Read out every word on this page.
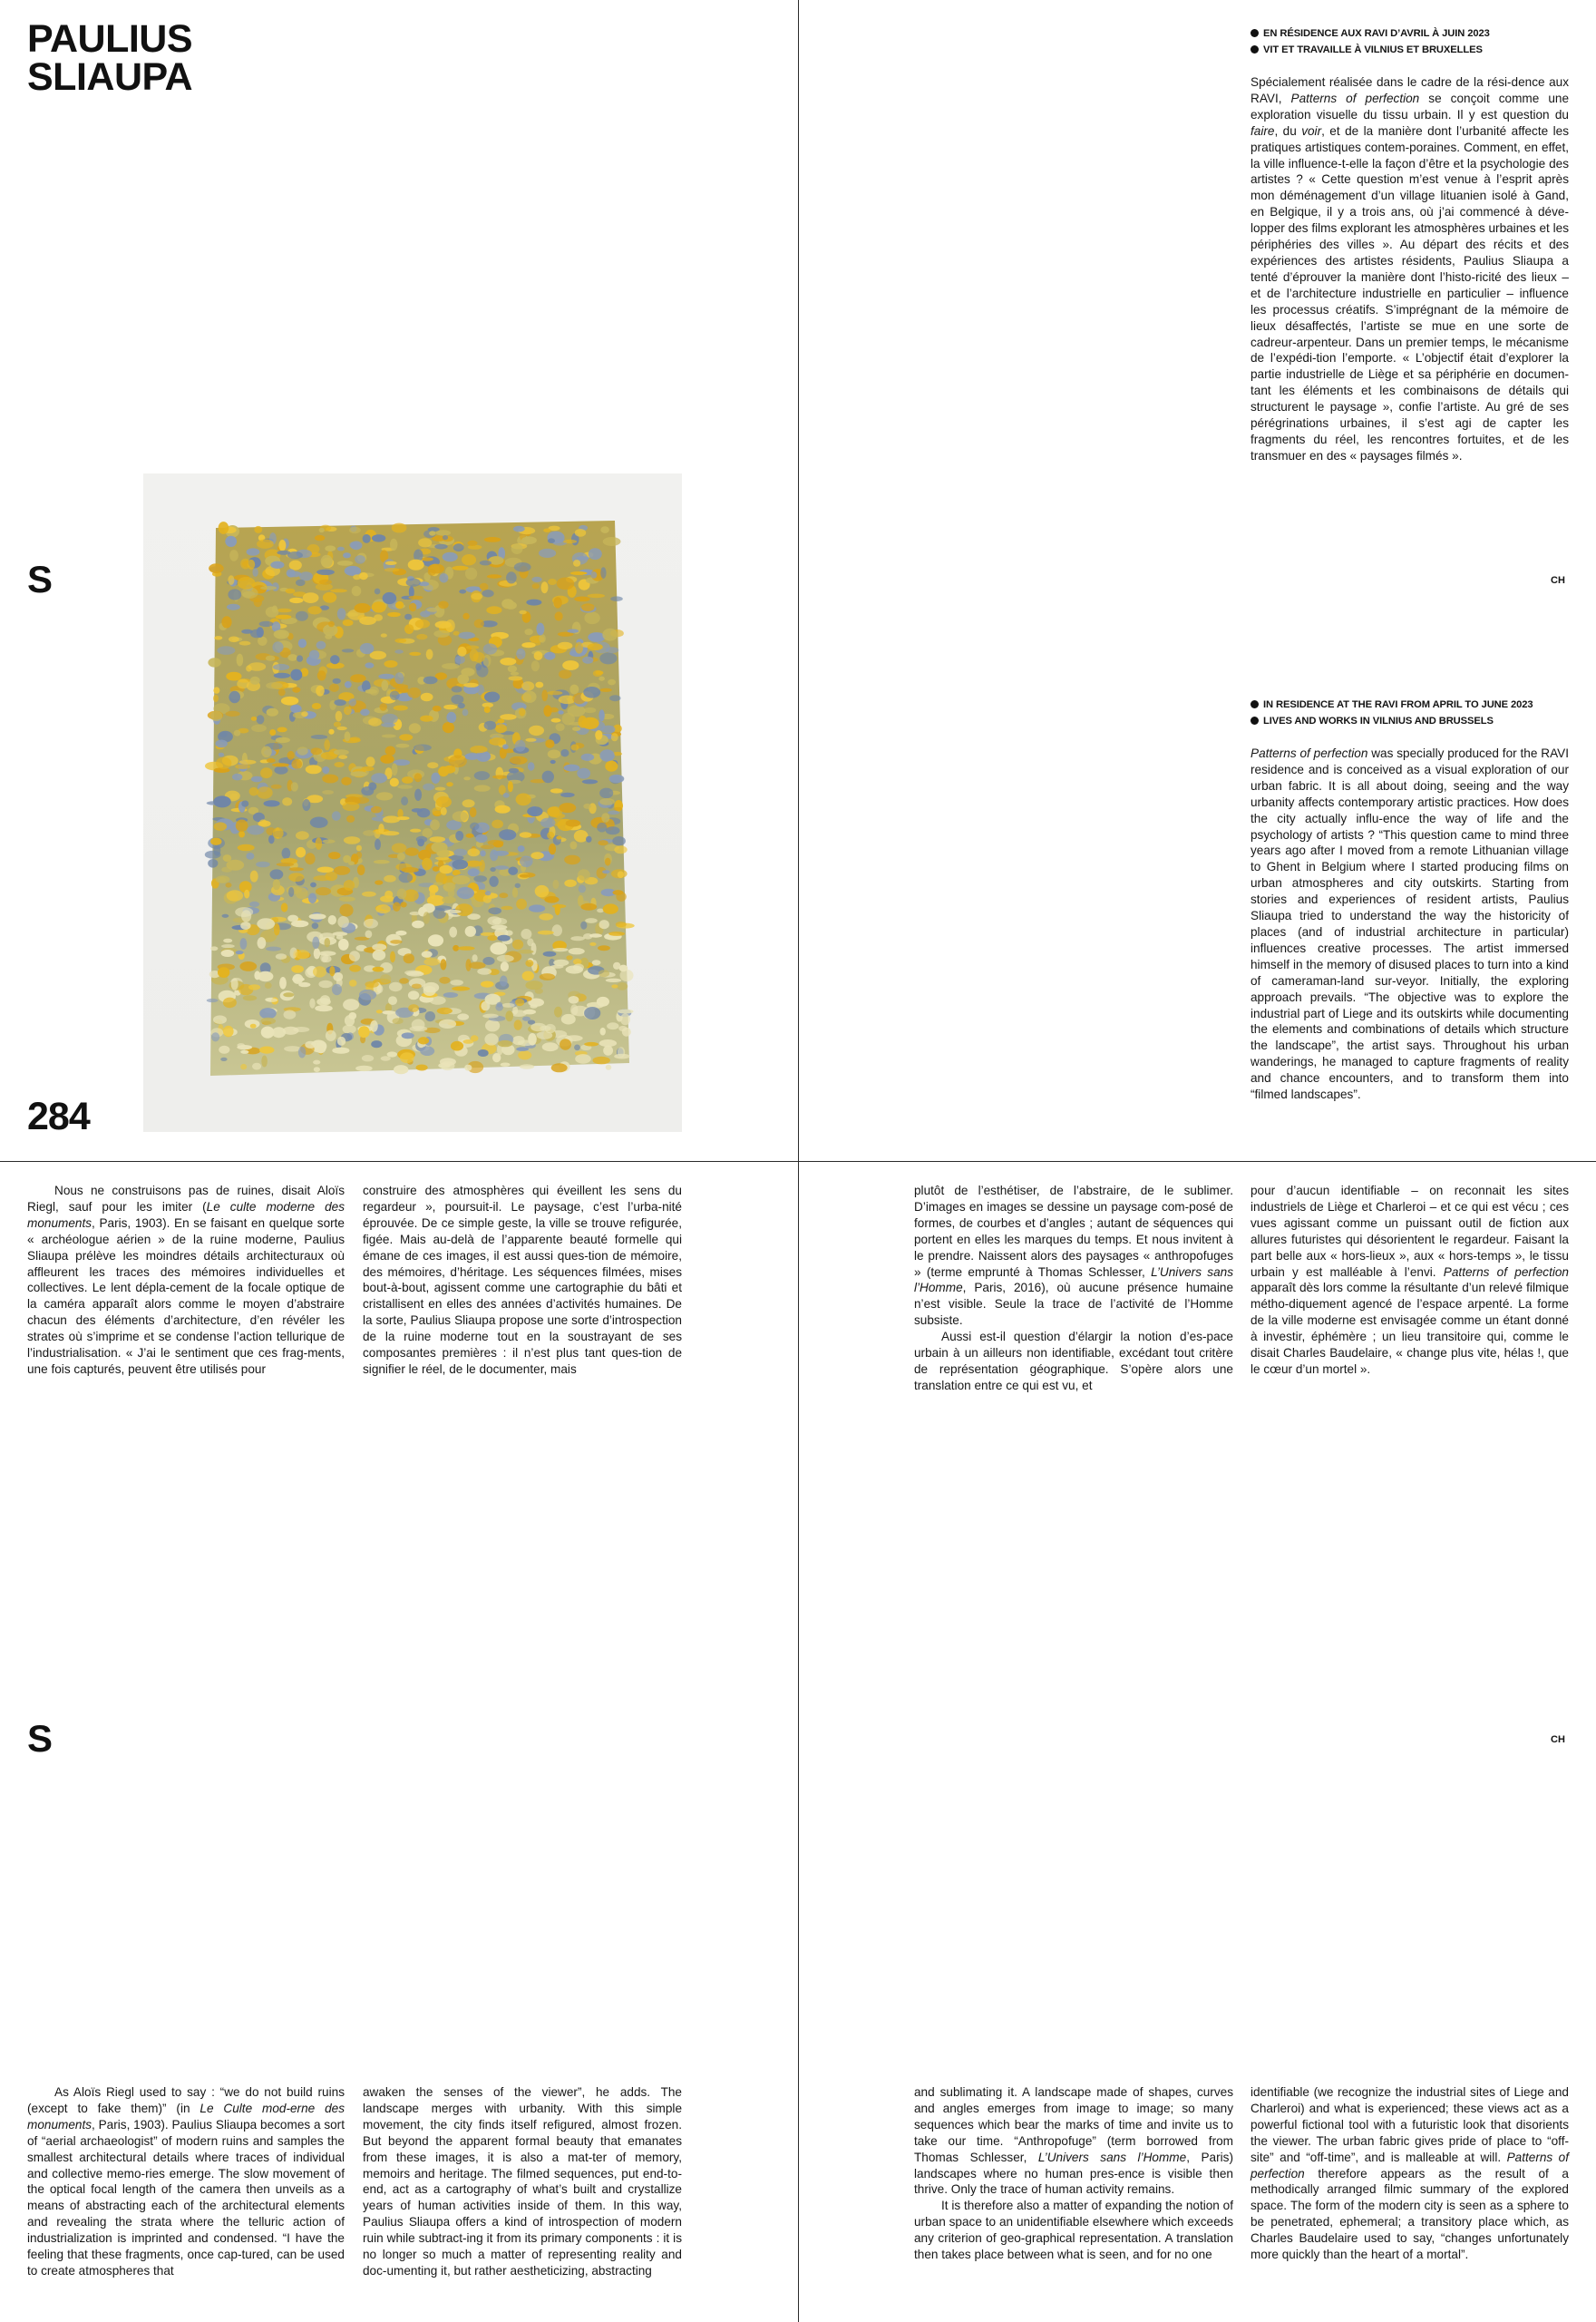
PAULIUS
SLIAUPA
S
S
284
CH
CH
EN RÉSIDENCE AUX RAVI D’AVRIL À JUIN 2023
VIT ET TRAVAILLE À VILNIUS ET BRUXELLES

Spécialement réalisée dans le cadre de la rési-dence aux RAVI, Patterns of perfection se conçoit comme une exploration visuelle du tissu urbain. Il y est question du faire, du voir, et de la manière dont l’urbanité affecte les pratiques artistiques contem-poraines. Comment, en effet, la ville influence-t-elle la façon d’être et la psychologie des artistes ? « Cette question m’est venue à l’esprit après mon déménagement d’un village lituanien isolé à Gand, en Belgique, il y a trois ans, où j’ai commencé à déve-lopper des films explorant les atmosphères urbaines et les périphéries des villes ». Au départ des récits et des expériences des artistes résidents, Paulius Sliaupa a tenté d’éprouver la manière dont l’histo-ricité des lieux – et de l’architecture industrielle en particulier – influence les processus créatifs. S’imprégnant de la mémoire de lieux désaffectés, l’artiste se mue en une sorte de cadreur-arpenteur. Dans un premier temps, le mécanisme de l’expédi-tion l’emporte. « L’objectif était d’explorer la partie industrielle de Liège et sa périphérie en documen-tant les éléments et les combinaisons de détails qui structurent le paysage », confie l’artiste. Au gré de ses pérégrinations urbaines, il s’est agi de capter les fragments du réel, les rencontres fortuites, et de les transmuer en des « paysages filmés ».

IN RESIDENCE AT THE RAVI FROM APRIL TO JUNE 2023
LIVES AND WORKS IN VILNIUS AND BRUSSELS

Patterns of perfection was specially produced for the RAVI residence and is conceived as a visual exploration of our urban fabric. It is all about doing, seeing and the way urbanity affects contemporary artistic practices. How does the city actually influ-ence the way of life and the psychology of artists ? “This question came to mind three years ago after I moved from a remote Lithuanian village to Ghent in Belgium where I started producing films on urban atmospheres and city outskirts. Starting from stories and experiences of resident artists, Paulius Sliaupa tried to understand the way the historicity of places (and of industrial architecture in particular) influences creative processes. The artist immersed himself in the memory of disused places to turn into a kind of cameraman-land sur-veyor. Initially, the exploring approach prevails. “The objective was to explore the industrial part of Liege and its outskirts while documenting the elements and combinations of details which structure the landscape”, the artist says. Throughout his urban wanderings, he managed to capture fragments of reality and chance encounters, and to transform them into “filmed landscapes”.

Nous ne construisons pas de ruines, disait Aloïs Riegl, sauf pour les imiter (Le culte moderne des monuments, Paris, 1903). En se faisant en quelque sorte « archéologue aérien » de la ruine moderne, Paulius Sliaupa prélève les moindres détails architecturaux où affleurent les traces des mémoires individuelles et collectives. Le lent dépla-cement de la focale optique de la caméra apparaît alors comme le moyen d’abstraire chacun des éléments d’architecture, d’en révéler les strates où s’imprime et se condense l’action tellurique de l’industrialisation. « J’ai le sentiment que ces frag-ments, une fois capturés, peuvent être utilisés pour

construire des atmosphères qui éveillent les sens du regardeur », poursuit-il. Le paysage, c’est l’urba-nité éprouvée. De ce simple geste, la ville se trouve refigurée, figée. Mais au-delà de l’apparente beauté formelle qui émane de ces images, il est aussi ques-tion de mémoire, des mémoires, d’héritage. Les séquences filmées, mises bout-à-bout, agissent comme une cartographie du bâti et cristallisent en elles des années d’activités humaines. De la sorte, Paulius Sliaupa propose une sorte d’introspection de la ruine moderne tout en la soustrayant de ses composantes premières : il n’est plus tant ques-tion de signifier le réel, de le documenter, mais

plutôt de l’esthétiser, de l’abstraire, de le sublimer. D’images en images se dessine un paysage com-posé de formes, de courbes et d’angles ; autant de séquences qui portent en elles les marques du temps. Et nous invitent à le prendre. Naissent alors des paysages « anthropofuges » (terme emprunté à Thomas Schlesser, L’Univers sans l’Homme, Paris, 2016), où aucune présence humaine n’est visible. Seule la trace de l’activité de l’Homme subsiste.
Aussi est-il question d’élargir la notion d’es-pace urbain à un ailleurs non identifiable, excédant tout critère de représentation géographique. S’opère alors une translation entre ce qui est vu, et

pour d’aucun identifiable – on reconnait les sites industriels de Liège et Charleroi – et ce qui est vécu ; ces vues agissant comme un puissant outil de fiction aux allures futuristes qui désorientent le regardeur. Faisant la part belle aux « hors-lieux », aux « hors-temps », le tissu urbain y est malléable à l’envi. Patterns of perfection apparaît dès lors comme la résultante d’un relevé filmique métho-diquement agencé de l’espace arpenté. La forme de la ville moderne est envisagée comme un étant donné à investir, éphémère ; un lieu transitoire qui, comme le disait Charles Baudelaire, « change plus vite, hélas !, que le cœur d’un mortel ».

As Aloïs Riegl used to say : “we do not build ruins (except to fake them)” (in Le Culte mod-erne des monuments, Paris, 1903). Paulius Sliaupa becomes a sort of “aerial archaeologist” of modern ruins and samples the smallest architectural details where traces of individual and collective memo-ries emerge. The slow movement of the optical focal length of the camera then unveils as a means of abstracting each of the architectural elements and revealing the strata where the telluric action of industrialization is imprinted and condensed. “I have the feeling that these fragments, once cap-tured, can be used to create atmospheres that

awaken the senses of the viewer”, he adds. The landscape merges with urbanity. With this simple movement, the city finds itself refigured, almost frozen. But beyond the apparent formal beauty that emanates from these images, it is also a mat-ter of memory, memoirs and heritage. The filmed sequences, put end-to-end, act as a cartography of what’s built and crystallize years of human activities inside of them. In this way, Paulius Sliaupa offers a kind of introspection of modern ruin while subtract-ing it from its primary components : it is no longer so much a matter of representing reality and doc-umenting it, but rather aestheticizing, abstracting

and sublimating it. A landscape made of shapes, curves and angles emerges from image to image; so many sequences which bear the marks of time and invite us to take our time. “Anthropofuge” (term borrowed from Thomas Schlesser, L’Univers sans l’Homme, Paris) landscapes where no human pres-ence is visible then thrive. Only the trace of human activity remains.
It is therefore also a matter of expanding the notion of urban space to an unidentifiable elsewhere which exceeds any criterion of geo-graphical representation. A translation then takes place between what is seen, and for no one

identifiable (we recognize the industrial sites of Liege and Charleroi) and what is experienced; these views act as a powerful fictional tool with a futuristic look that disorients the viewer. The urban fabric gives pride of place to “off-site” and “off-time”, and is malleable at will. Patterns of perfection therefore appears as the result of a methodically arranged filmic summary of the explored space. The form of the modern city is seen as a sphere to be penetrated, ephemeral; a transitory place which, as Charles Baudelaire used to say, “changes unfortunately more quickly than the heart of a mortal”.
